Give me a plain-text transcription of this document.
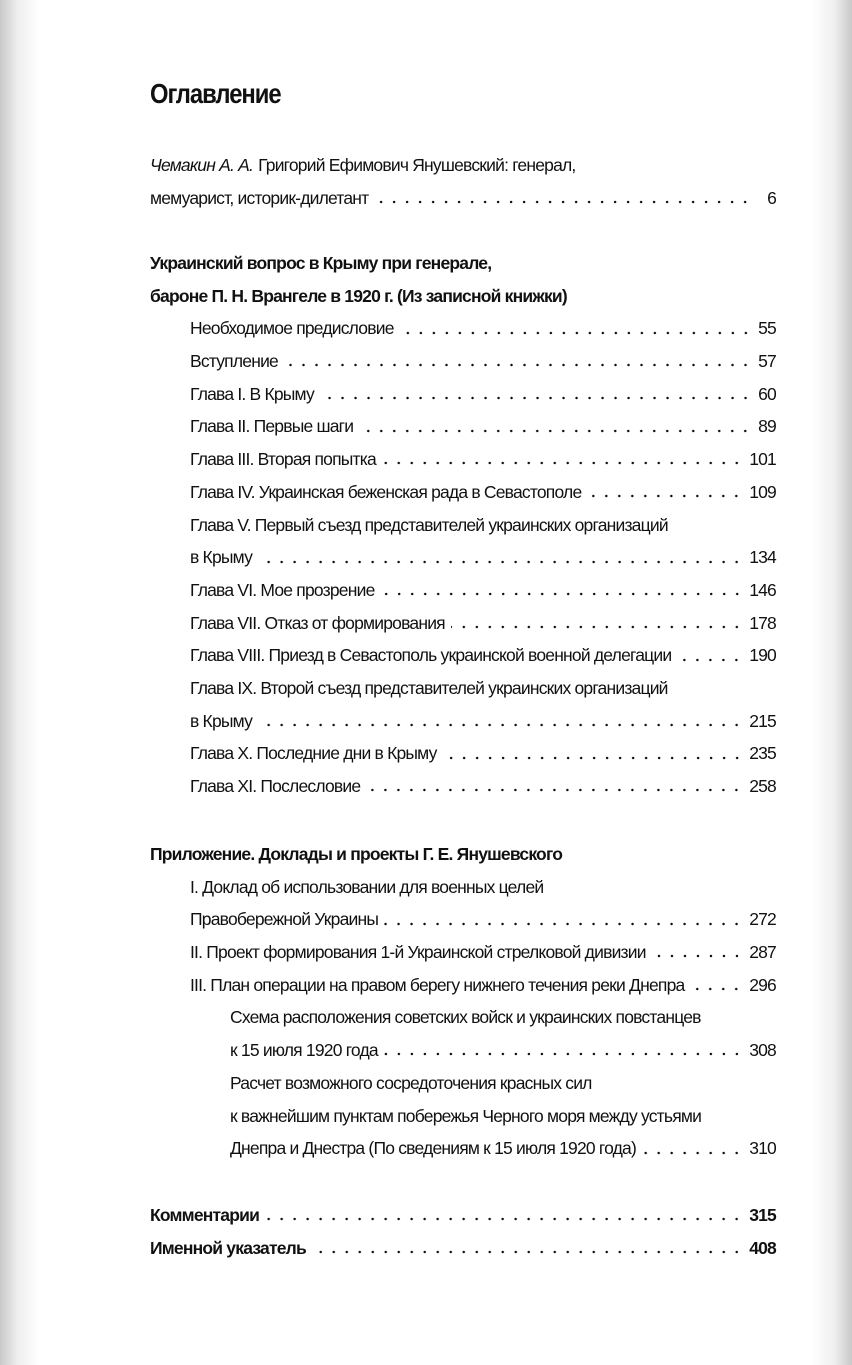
Оглавление
Чемакин А. А. Григорий Ефимович Янушевский: генерал,
мемуарист, историк-дилетант	6
Украинский вопрос в Крыму при генерале,
бароне П. Н. Врангеле в 1920 г. (Из записной книжки)
Необходимое предисловие	55
Вступление	57
Глава I. В Крыму	60
Глава II. Первые шаги	89
Глава III. Вторая попытка	101
Глава IV. Украинская беженская рада в Севастополе	109
Глава V. Первый съезд представителей украинских организаций
в Крыму	134
Глава VI. Мое прозрение	146
Глава VII. Отказ от формирования	178
Глава VIII. Приезд в Севастополь украинской военной делегации	190
Глава IX. Второй съезд представителей украинских организаций
в Крыму	215
Глава X. Последние дни в Крыму	235
Глава XI. Послесловие	258
Приложение. Доклады и проекты Г. Е. Янушевского
I. Доклад об использовании для военных целей
Правобережной Украины	272
II. Проект формирования 1-й Украинской стрелковой дивизии	287
III. План операции на правом берегу нижнего течения реки Днепра	296
Схема расположения советских войск и украинских повстанцев
к 15 июля 1920 года	308
Расчет возможного сосредоточения красных сил
к важнейшим пунктам побережья Черного моря между устьями
Днепра и Днестра (По сведениям к 15 июля 1920 года)	310
Комментарии	315
Именной указатель	408
